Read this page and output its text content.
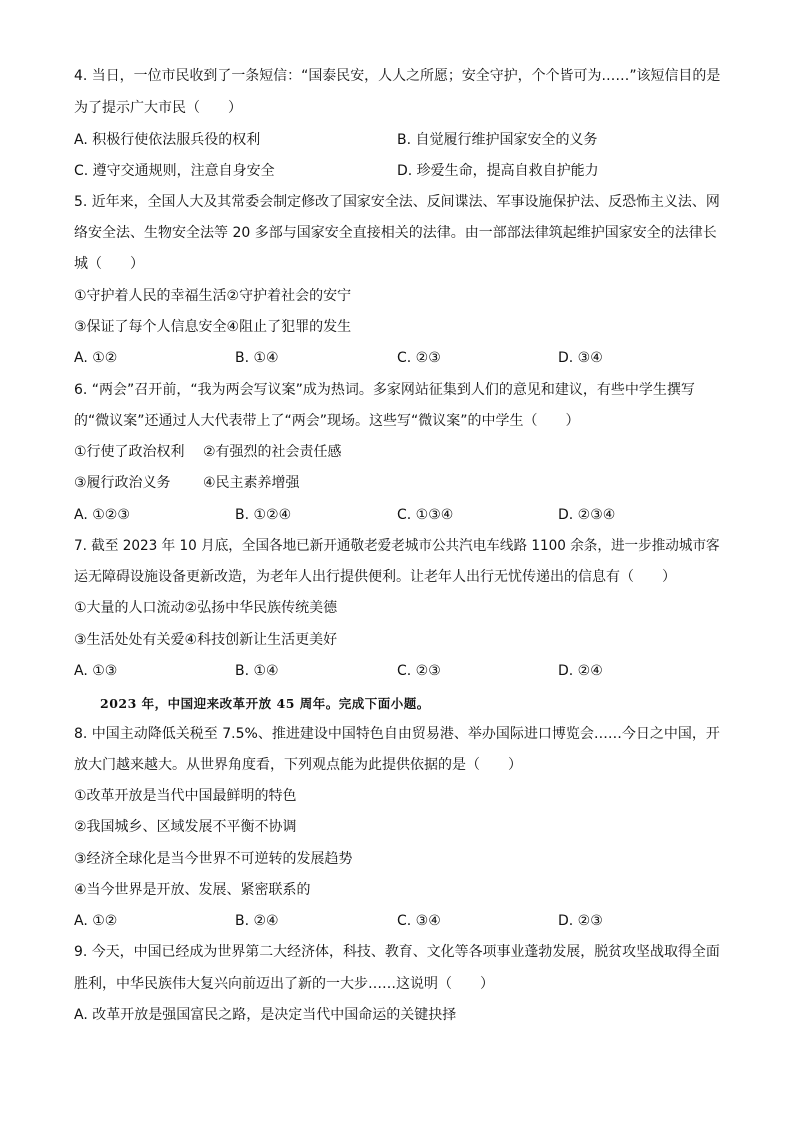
4. 当日，一位市民收到了一条短信：“国泰民安，人人之所愿；安全守护，个个皆可为……”该短信目的是
为了提示广大市民（　　）
A. 积极行使依法服兵役的权利	B. 自觉履行维护国家安全的义务
C. 遵守交通规则，注意自身安全	D. 珍爱生命，提高自救自护能力
5. 近年来，全国人大及其常委会制定修改了国家安全法、反间谍法、军事设施保护法、反恐怖主义法、网
络安全法、生物安全法等 20 多部与国家安全直接相关的法律。由一部部法律筑起维护国家安全的法律长
城（　　）
①守护着人民的幸福生活②守护着社会的安宁
③保证了每个人信息安全④阻止了犯罪的发生
A. ①②	B. ①④	C. ②③	D. ③④
6. “两会”召开前，“我为两会写议案”成为热词。多家网站征集到人们的意见和建议，有些中学生撰写
的“微议案”还通过人大代表带上了“两会”现场。这些写“微议案”的中学生（　　）
①行使了政治权利　 ②有强烈的社会责任感
③履行政治义务　　 ④民主素养增强
A. ①②③	B. ①②④	C. ①③④	D. ②③④
7. 截至 2023 年 10 月底，全国各地已新开通敬老爱老城市公共汽电车线路 1100 余条，进一步推动城市客
运无障碍设施设备更新改造，为老年人出行提供便利。让老年人出行无忧传递出的信息有（　　）
①大量的人口流动②弘扬中华民族传统美德
③生活处处有关爱④科技创新让生活更美好
A. ①③	B. ①④	C. ②③	D. ②④
2023 年，中国迎来改革开放 45 周年。完成下面小题。
8. 中国主动降低关税至 7.5%、推进建设中国特色自由贸易港、举办国际进口博览会……今日之中国，开
放大门越来越大。从世界角度看，下列观点能为此提供依据的是（　　）
①改革开放是当代中国最鲜明的特色
②我国城乡、区域发展不平衡不协调
③经济全球化是当今世界不可逆转的发展趋势
④当今世界是开放、发展、紧密联系的
A. ①②	B. ②④	C. ③④	D. ②③
9. 今天，中国已经成为世界第二大经济体，科技、教育、文化等各项事业蓬勃发展，脱贫攻坚战取得全面
胜利，中华民族伟大复兴向前迈出了新的一大步……这说明（　　）
A. 改革开放是强国富民之路，是决定当代中国命运的关键抉择
